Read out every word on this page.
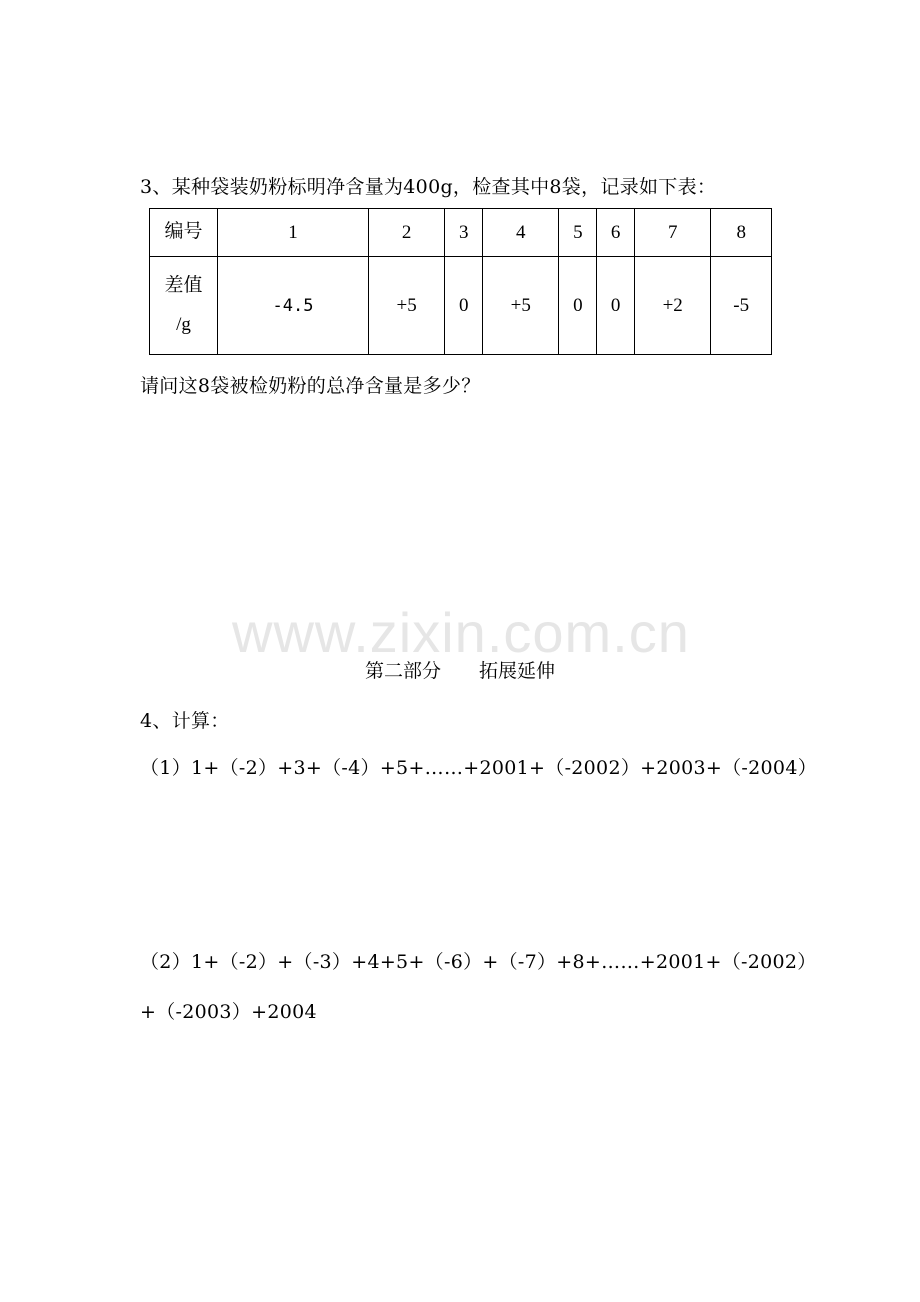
3、某种袋装奶粉标明净含量为400g，检查其中8袋，记录如下表：
编号	1	2	3	4	5	6	7	8

差值
/g	-4.5	+5	0	+5	0	0	+2	-5
请问这8袋被检奶粉的总净含量是多少？
www.zixin.com.cn
第二部分　　拓展延伸
4、计算：
（1）1+（-2）+3+（-4）+5+……+2001+（-2002）+2003+（-2004）
（2）1+（-2）+（-3）+4+5+（-6）+（-7）+8+……+2001+（-2002）
+（-2003）+2004
